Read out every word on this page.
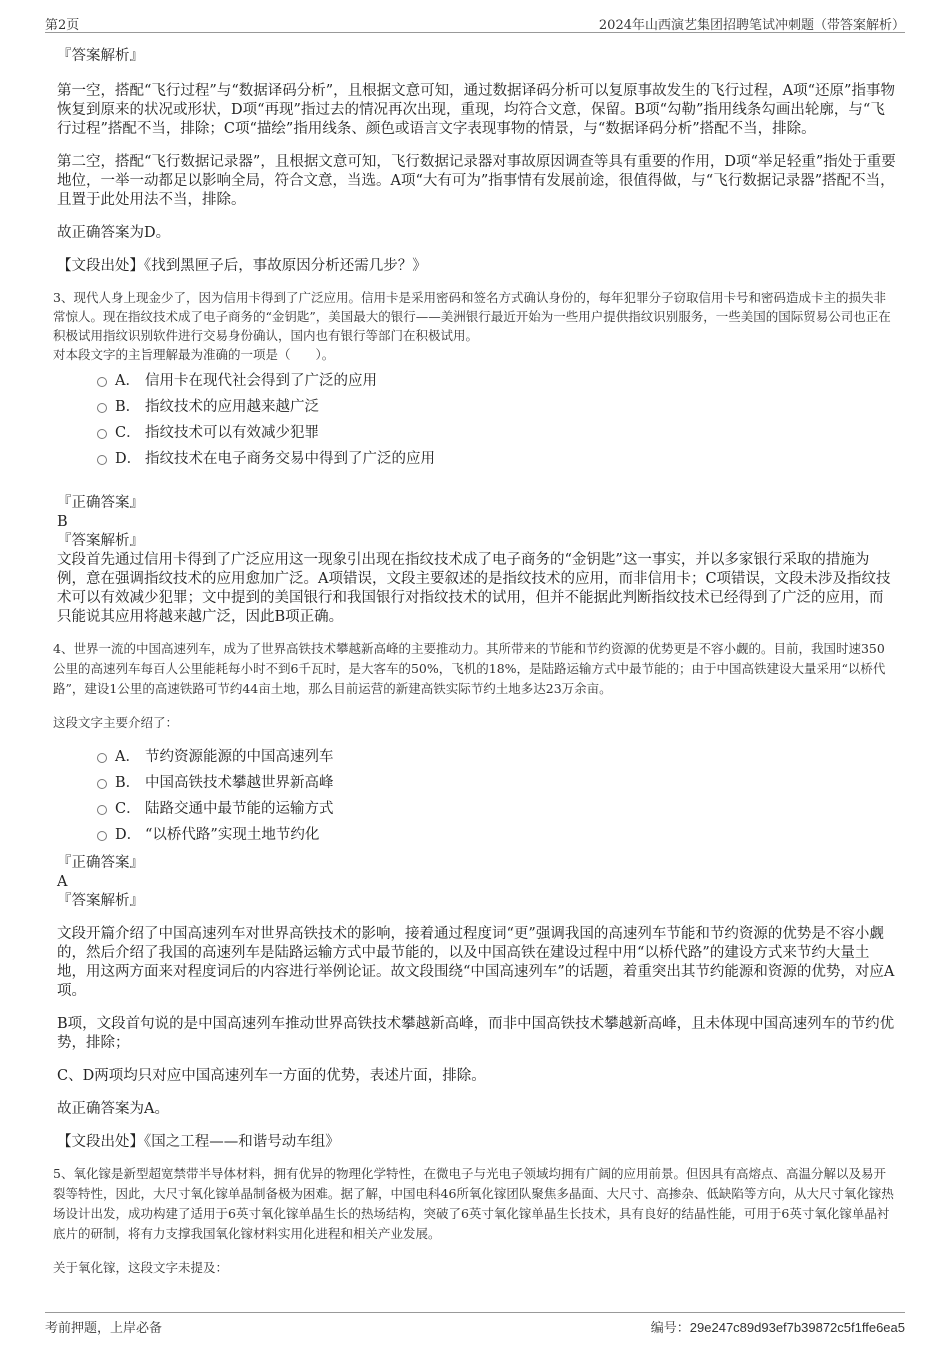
第2页	2024年山西演艺集团招聘笔试冲刺题（带答案解析）

『答案解析』

第一空，搭配“飞行过程”与“数据译码分析”，且根据文意可知，通过数据译码分析可以复原事故发生的飞行过程，A项“还原”指事物恢复到原来的状况或形状，D项“再现”指过去的情况再次出现，重现，均符合文意，保留。B项“勾勒”指用线条勾画出轮廓，与“飞行过程”搭配不当，排除；C项“描绘”指用线条、颜色或语言文字表现事物的情景，与“数据译码分析”搭配不当，排除。

第二空，搭配“飞行数据记录器”，且根据文意可知，飞行数据记录器对事故原因调查等具有重要的作用，D项“举足轻重”指处于重要地位，一举一动都足以影响全局，符合文意，当选。A项“大有可为”指事情有发展前途，很值得做，与“飞行数据记录器”搭配不当，且置于此处用法不当，排除。

故正确答案为D。

【文段出处】《找到黑匣子后，事故原因分析还需几步？》

3、现代人身上现金少了，因为信用卡得到了广泛应用。信用卡是采用密码和签名方式确认身份的，每年犯罪分子窃取信用卡号和密码造成卡主的损失非常惊人。现在指纹技术成了电子商务的“金钥匙”，美国最大的银行——美洲银行最近开始为一些用户提供指纹识别服务，一些美国的国际贸易公司也正在积极试用指纹识别软件进行交易身份确认，国内也有银行等部门在积极试用。

对本段文字的主旨理解最为准确的一项是（　　）。

A． 信用卡在现代社会得到了广泛的应用
B． 指纹技术的应用越来越广泛
C． 指纹技术可以有效减少犯罪
D． 指纹技术在电子商务交易中得到了广泛的应用

『正确答案』

B

『答案解析』

文段首先通过信用卡得到了广泛应用这一现象引出现在指纹技术成了电子商务的“金钥匙”这一事实，并以多家银行采取的措施为例，意在强调指纹技术的应用愈加广泛。A项错误，文段主要叙述的是指纹技术的应用，而非信用卡；C项错误，文段未涉及指纹技术可以有效减少犯罪；文中提到的美国银行和我国银行对指纹技术的试用，但并不能据此判断指纹技术已经得到了广泛的应用，而只能说其应用将越来越广泛，因此B项正确。

4、世界一流的中国高速列车，成为了世界高铁技术攀越新高峰的主要推动力。其所带来的节能和节约资源的优势更是不容小觑的。目前，我国时速350公里的高速列车每百人公里能耗每小时不到6千瓦时，是大客车的50%，飞机的18%，是陆路运输方式中最节能的；由于中国高铁建设大量采用“以桥代路”，建设1公里的高速铁路可节约44亩土地，那么目前运营的新建高铁实际节约土地多达23万余亩。

这段文字主要介绍了：

A． 节约资源能源的中国高速列车
B． 中国高铁技术攀越世界新高峰
C． 陆路交通中最节能的运输方式
D． “以桥代路”实现土地节约化

『正确答案』

A

『答案解析』

文段开篇介绍了中国高速列车对世界高铁技术的影响，接着通过程度词“更”强调我国的高速列车节能和节约资源的优势是不容小觑的，然后介绍了我国的高速列车是陆路运输方式中最节能的，以及中国高铁在建设过程中用“以桥代路”的建设方式来节约大量土地，用这两方面来对程度词后的内容进行举例论证。故文段围绕“中国高速列车”的话题，着重突出其节约能源和资源的优势，对应A项。

B项，文段首句说的是中国高速列车推动世界高铁技术攀越新高峰，而非中国高铁技术攀越新高峰，且未体现中国高速列车的节约优势，排除；

C、D两项均只对应中国高速列车一方面的优势，表述片面，排除。

故正确答案为A。

【文段出处】《国之工程——和谐号动车组》

5、氧化镓是新型超宽禁带半导体材料，拥有优异的物理化学特性，在微电子与光电子领域均拥有广阔的应用前景。但因具有高熔点、高温分解以及易开裂等特性，因此，大尺寸氧化镓单晶制备极为困难。据了解，中国电科46所氧化镓团队聚焦多晶面、大尺寸、高掺杂、低缺陷等方向，从大尺寸氧化镓热场设计出发，成功构建了适用于6英寸氧化镓单晶生长的热场结构，突破了6英寸氧化镓单晶生长技术，具有良好的结晶性能，可用于6英寸氧化镓单晶衬底片的研制，将有力支撑我国氧化镓材料实用化进程和相关产业发展。

关于氧化镓，这段文字未提及：

考前押题，上岸必备	编号：29e247c89d93ef7b39872c5f1ffe6ea5
